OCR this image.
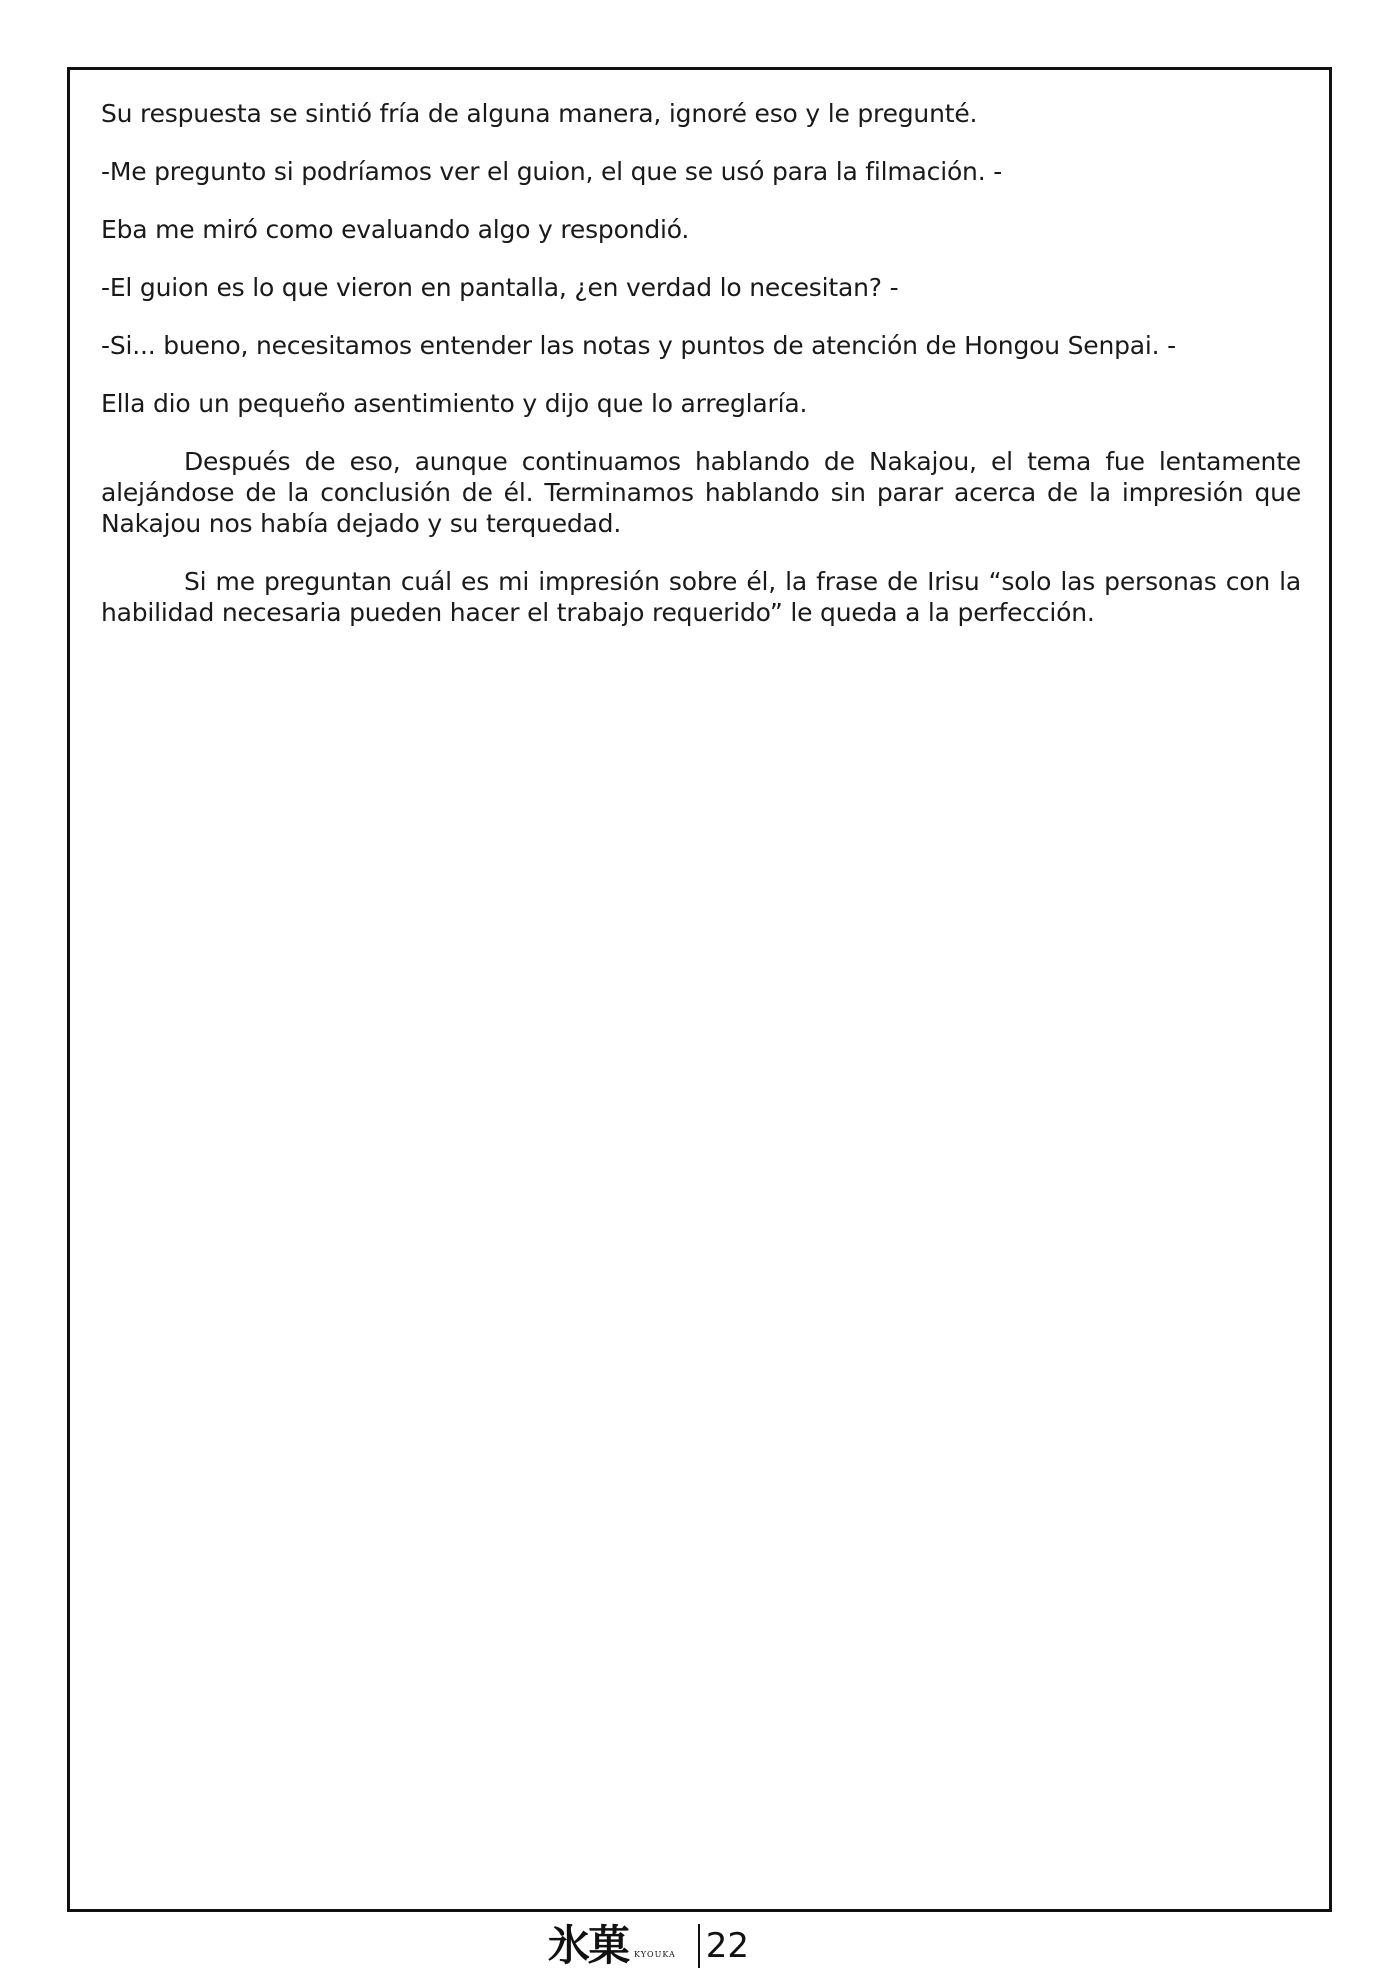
Su respuesta se sintió fría de alguna manera, ignoré eso y le pregunté.

-Me pregunto si podríamos ver el guion, el que se usó para la filmación. -

Eba me miró como evaluando algo y respondió.

-El guion es lo que vieron en pantalla, ¿en verdad lo necesitan? -

-Si... bueno, necesitamos entender las notas y puntos de atención de Hongou Senpai. -

Ella dio un pequeño asentimiento y dijo que lo arreglaría.

Después de eso, aunque continuamos hablando de Nakajou, el tema fue lentamente alejándose de la conclusión de él. Terminamos hablando sin parar acerca de la impresión que Nakajou nos había dejado y su terquedad.

Si me preguntan cuál es mi impresión sobre él, la frase de Irisu “solo las personas con la habilidad necesaria pueden hacer el trabajo requerido” le queda a la perfección.

氷菓 KYOUKA 22
